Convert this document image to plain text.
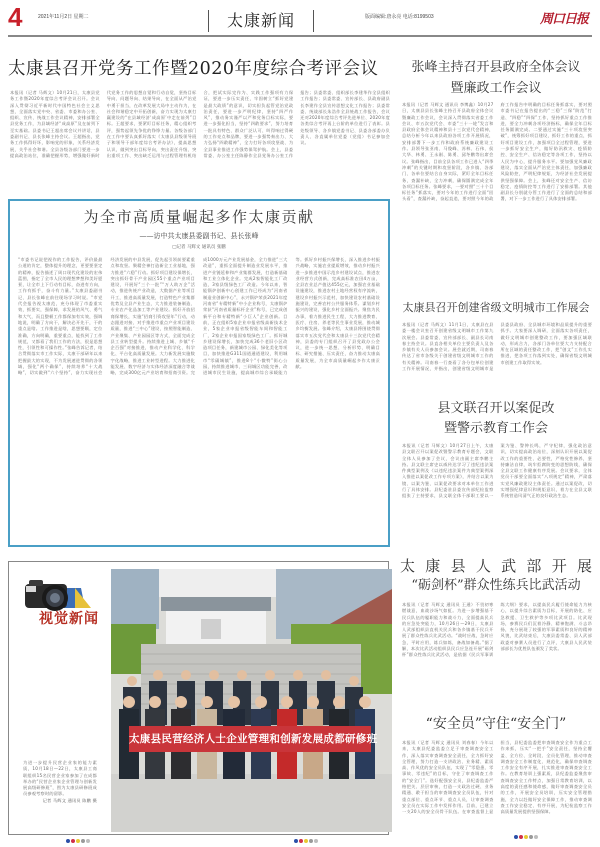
4	2021年11月2日 星期二	太康新闻	版面编辑:唐永亮 电话:8199503	周口日报
太康县召开党务工作暨2020年度综合考评会议
本报讯（记者 马辉文）10月21日，太康县党务工作暨2020年度综合考评会议召开。会议深入贯彻习近平新时代中国特色社会主义思想，全面落实党中央、省委、市委和办公室、组织、宣传、统战工作会议精神，安排部署全县党务工作，为县域经济“成高原”及在前列下至实基础。县委书记王超出席会议并讲话，县委副书记、县长张峰主持会议。王超指出，党务工作抓得好坏，影响党的形象，关系经济发展，关乎社会和谐。全县各级各部门要进一步提高政治站位，准确把握形势，增强做好新时代党务工作的思想自觉和行动自觉，坚持目标导向、问题导向、结果导向，在全面从严治党中勇于担当，在改革发展大局中主动作为，在社会和谐稳定中开拓创新，奋力实现为太康打赢建设的“在县域经济‘成高原’中走在前列”目标。王超要求，要紧盯目标任务，精心组织考评，强势起领先争优的铮铮力量。各级各部门在工作中要认真抓好落实《太康县县级领导班子和领导干部年度综合考评办法》，提高思想认识，做到突出目标导向，突出责任升级、突出重项工作、突出缺乏运用与过程管理有机结合，把试实际完作为、实践工作强项有力保证，要进一步压实责任，牢固树立“抓好党建是最大政绩”的意识，切实担负起管党治党政治责任，要进一步严明纪律，坚持“四严作风”，推动务实谨严以严和党务目标实际，要进一步强化担当，坚持“四敢要求”，努力培育一批具有特色、群众广泛认可、叫得响过得硬的工作亮点和品牌，要进一步强势奏出力、大力弘扬“四敢精神”，全力打好各项攻坚战、为全县事业推进工作强势保驾护航。会上，县委常委、办公室主任陈静作全县党务办公室工作报告；县委常委、组织部长李建华作全县组织工作报告；县委常委、宣传部长、县政府副县长李建作全县宣传思想文化工作报告；县委常委、统战部长朱浩作全县统战工作报告，会议还对2020年度综合考评先进单位、2020年度各类综合考评再上台阶的单位进行了表彰。县处级领导、各乡镇党委书记、县委各部委办负责人、各直属单位党委（党组）书记参加会议。
张峰主持召开县政府全体会议
暨廉政工作会议
本报讯（记者 马辉文 通讯员 李博鑫）10月27日，太康县县长张峰主持召开县政府全体会议暨廉政工作会议，会议深入贯彻落实省委工作会议、市五次党代会、市委“三十一轮”发言和县政府全体会议精神和县十三次党代会精神，总结分析今年以来县政府各项工作开展情况，安排部署下一步工作和政府系统廉政建设工作。县领导张亚南、马俊峰、苏林、石伟、侯大华、林勇、王永刚、陈勇、邱冬鹏等出席会议。张峰指出，目前全县各项工作已进入“四季冲刺”的关键时期和攻坚阶段，各乡镇、各部门、各单位要结合自身实际，紧盯全年目标任务，查漏补缺，全力冲刺，确保圆满完成全年各项目标任务。张峰要求，一要对照“三十个目标任务”抓落实，要对今年的工作进行全面“回头看”，查漏补缺，奋起直追，要对照今年的政府工作报告中明确的目标任务抓落实，要对照市委书记在报告提出的“三稳”三保“防范”打造、“四稳”“四保”工作，坚持抓好重点工作推进，要全力冲刺各项经济指标，确保全年目标任务圆满完成。二要通过实施“三十项攻坚突破”，统筹抓好项目建设，抓好工作的重点，抓好项目建设工作，加强项目全过程管理，要进一步抓好安全生产，做好防汛救灾、疫情防控、安全生产、信访稳定等各项工作，坚持以人民为中心，提升服务水平。要加强党风廉政建设，落实全面从严治党主体责任，加强廉政风险防控，严明纪律规矩，为经济社会发展提供坚强保障。会上，张峰还对安全生产、信访稳定、疫情防控等工作进行了安排部署。其他副县长分别就分管工作进行了全面的总结和部署，对下一步工作进行了具体安排部署。
为全市高质量崛起多作太康贡献
——访中共太康县委副书记、县长张峰
□记者 马辉文 通讯员 张鹏
“市委书记说把视作的工作报告，评价最最公道的肯定，整体提升的理念，更要要坚定的精神，报告描述了周口现代化建设的宏伟蓝图，指定了全市人民的理想梦想和美好愿景，让全市上下行动有目标，奋进有方向，工作有抓手，奋斗有力量。”太康县委副书记、县长张峰在前往现场学习时说。“市党代会报告视太康范，充分体现了市委重实效，抓要实，强保障，求发展的风气、勇气和大气，而且整顿工作都保加有实效，强调地说，明确了方向干，解决必开先干，干的重点是啥。工作推进是啥，思想要顺，定位准确，方向明确，重要重点，能找到了工作规范，又都看了我们工作的方法，很是思想性，引领性和可操作性。”张峰告诉记者，结合贯彻落实市工作实际，太康干部研年以来把握最大的实现，不为发展速进贯彻的各领域，强化“两个确保”，持续培养“十大战略”，切实做到“六个坚持”，奋力实现社会经济发展的中县发展，促先起引领前要素重点和攻坚。聚精会神打造新全工业基地，强力推进“六稳”行动。抓好项目建设保增长，突出抓好骨干产业园区55个重点产业项目建设，开展好“三个一批”“万人助万企”活动，推进传统产业改造，大数据产业等项目开工，推进高质量发展，打造特色产业集群优势及全县产业生态，大力推进装备制造、专业农产化品加工等产业建设。抓好开放招商保增长，实施“招商引资攻坚年”行动，动态跟进对接、对手推进市重点产业项目建设质量，推进“三中心”建设，按照智能制造、产业聚集、产业园园区等方式，全面完成全县工业转型提升。持续推进上城、乡镇“千企百强”对接推进，推动产业科学化、科学化、平台化高质量发展。大力新发展实施数字化战略，推进工业转型进程。大力推进化能发展、数字经济与实体经济深度融合等战略，完成300亿元产业培育和招商引资。完成1000万元产业发展基金，全力推进“三大改造”，重抓全面提升制造业发展水平，推进产业链延伸和产业集群发展，打造新基础和工业立体化企业。完成2家智能化工厂改造，3家县级绿色工厂改造。今年以来，智能锅炉创新中心创建工作已经成为“河南省制造业创新中心”，永兴锅炉荣获2021年度河南省“专精特新”中小企业称号，太康锅炉荣获“河南省质量标杆企业”称号，已完成创新平台和专精特新“小巨人”企业创新。目前，正在组织5家企业申报省级高新技术企业，5家企业申报省级智能车间和智能工厂，2家企业申报国家级绿色工厂。抓好城乡建设保增长，加快完成36个老旧小区改造项目任务，新建城市公园、绿化美化等项目，加快推进G311国道通道建设，利用城市“零碳城镇”，推进8个“小微特”街心公园，持续推进城市、三同城区功能完善，改进城市民生设施，提高城市综合承载能力等。抓好乡村振兴保增长，深入推进乡村振兴战略，实施农业提质增效，推动乡村振兴进一步推进中国示范乡村建设试点，推进农业经营方式创新，完成高标准农田4万亩，全县农业总产值达455亿元，加强农业基础设施建设，推进农村土地经营权有序流转，建设乡村振兴示范村，加快建设农村基础设施建设，完善农村公共服务体系。谋划乡村振兴的建设，强化乡村全面振兴。聚焦为民办事，着力推进民生工程，大力推进教育、医疗、住房、养老等民生事业发展，推动城乡均衡发展。张峰介绍，太康县将围绕贯彻落实市五次党代会和太康县十三次党代会精神，县委的专门组织召开了县党政办公会议，进一步统一思想、分析形势、明确目标、研究措施、压实责任，奋力推动太康高质量发展，为全市高质量崛起多作太康贡献。
太康县召开创建省级文明城市工作展会
本报讯（记者 马辉文）11月1日，太康县在县委一楼会议室召开创建省级文明城市工作第九次展会。县委常委、宣传部部长、副县长司南春主持会议。县直各相关单位主要负责人及各乡镇有关人员参加会议。展会就近期，司南春传达了省市各级关于创建省级文明城市工作的有关精神。司南春一行查看了各分包单位创建工作开展情况，并指出，创建省级文明城市是县委县政府、全县城市环境和品质提升的重要抓手。大家要深入调研，全面落实各项责任，做好文明城市创建整改工作，要加强区域联动，形成合力，各部门各单位要大力支持配合所在区域的责任整改工作，把“创文”工作扎实推进，把各项工作落到实处，确保省级文明城市创建工作取得实效。
县文联召开以案促改
暨警示教育工作会
本报讯（记者 马辉文）10月27日上午，太康县文联召开以案促改暨警示教育专题会，文联全体人员参加了会议，会议由副主席李鹏主持。县文联主席史以威传达学习了违纪违法案件典型案例及《以违纪违法案件为典型案例深入推进以案促改工作专项方案》，并结合以案为镜、以案为鉴、以案促改要求对本单位工作进行了具体安排。县纪委驻县委宣传部纪检监察组张了主持要求，县文联全体干部职工要以一案为鉴、警钟长鸣，严守纪律，强化政治意识，切实提高政治站位，深刻认识开展以案促改工作的重要性、必要性，严格党性修养，坚持廉洁自律，筑牢拒腐防变的思想防线，确保全县文联工作健康有序发展。会议要求，全体党员干部要全面落实“八项规定”精神，严肃落实党风廉政建设主体责任。通过以案促改，切实增强纪律意识和规矩意识，着力在全县文联系统营造风清气正的良好政治生态。
太 康 县 人 武 部 开 展
“砺剑杯”群众性练兵比武活动
本报讯（记者 马辉文 通讯员 王通）不畏初寒燃战意，血战沙场气如虹。为进一步增强基干民兵队伍的履职能力和战斗力，全面提高民兵的应急处突能力，10月26日—29日，太康县人武部组织县直机关民兵和各乡镇基干民兵开展了群众性练兵比武活动。“战时应战，急时应急，平时应用，练兵如练，备战如备战。”据了解，本次比武活动组织县民兵应急连开展“砺剑杯”群众性练兵比武活动，是依据《民兵军事训练大纲》要求，以提高民兵履行使命能力为核心，以提升综合素质为目标，开展的防化、应急救援、卫生救护等多项比武项目。比武现场，参赛民兵们沉着冷静、精神饱满、斗志昂扬，充分展现了较强的军事素质和良好的精神风貌，比武结束后，大康县委常委、县人武部政委对参赛人员进行了点评，大康县人民武装部部长为优胜队伍颁发了奖状。
“安全员”守住“安全门”
本报讯（记者 马辉文 通讯员 刘春春）今年以来，太康县纪委监委立足于审查调查安全工作，深入落实审查调查安全责任，全力抓好安全管理，努力打造一支讲政治、业务精、素质高、作风优的安全员队伍，实现了“零隐患、零事故、零违纪”的目标，守住了审查调查工作的“安全门”。选好配强安全员，县纪委监委严格把关、层层审核，打造一支政治过硬、业务精通、敢于担当的审查调查安全员队伍，针对重点部位、重点环节、重点人员，让审查调查安全员在实际工作中发挥作用。目前，已建立一支20人的安全员骨干队伍。在审查监督上显担当，县纪委监委把审查调查安全作为重点工作来抓，压实“一把手”安全责任，坚持全覆盖、全方位、全时段、全员化管理，推动审查调查安全工作制度化、规范化，确保审查调查工作安全有序开展，扎实推进审查调查安全工作。在教育培训上强素质，县纪委监委聚焦审查调查安全工作特点，加强日常教育培训，以高度的责任感和使命感，做好审查调查安全员的工作，开展安全员培训，压实安全管理措施，全力以赴做好安全保障工作，推动审查调查工作安全稳定、有序开展，为纪检监察工作高质量发展提供坚强保障。
视觉新闻
为进一步提升民营企业家的能力素质，10月18日—22日，太康县工商联组织15名民营企业家参加了在成都举办的“民营企业家企业管理与创新发展高级研修班”，图为太康县研修班成员参观考察时的留影。
记者 马辉文 通讯员 陈鹏 摄
太康县民营经济人士企业管理和创新发展成都研修班
